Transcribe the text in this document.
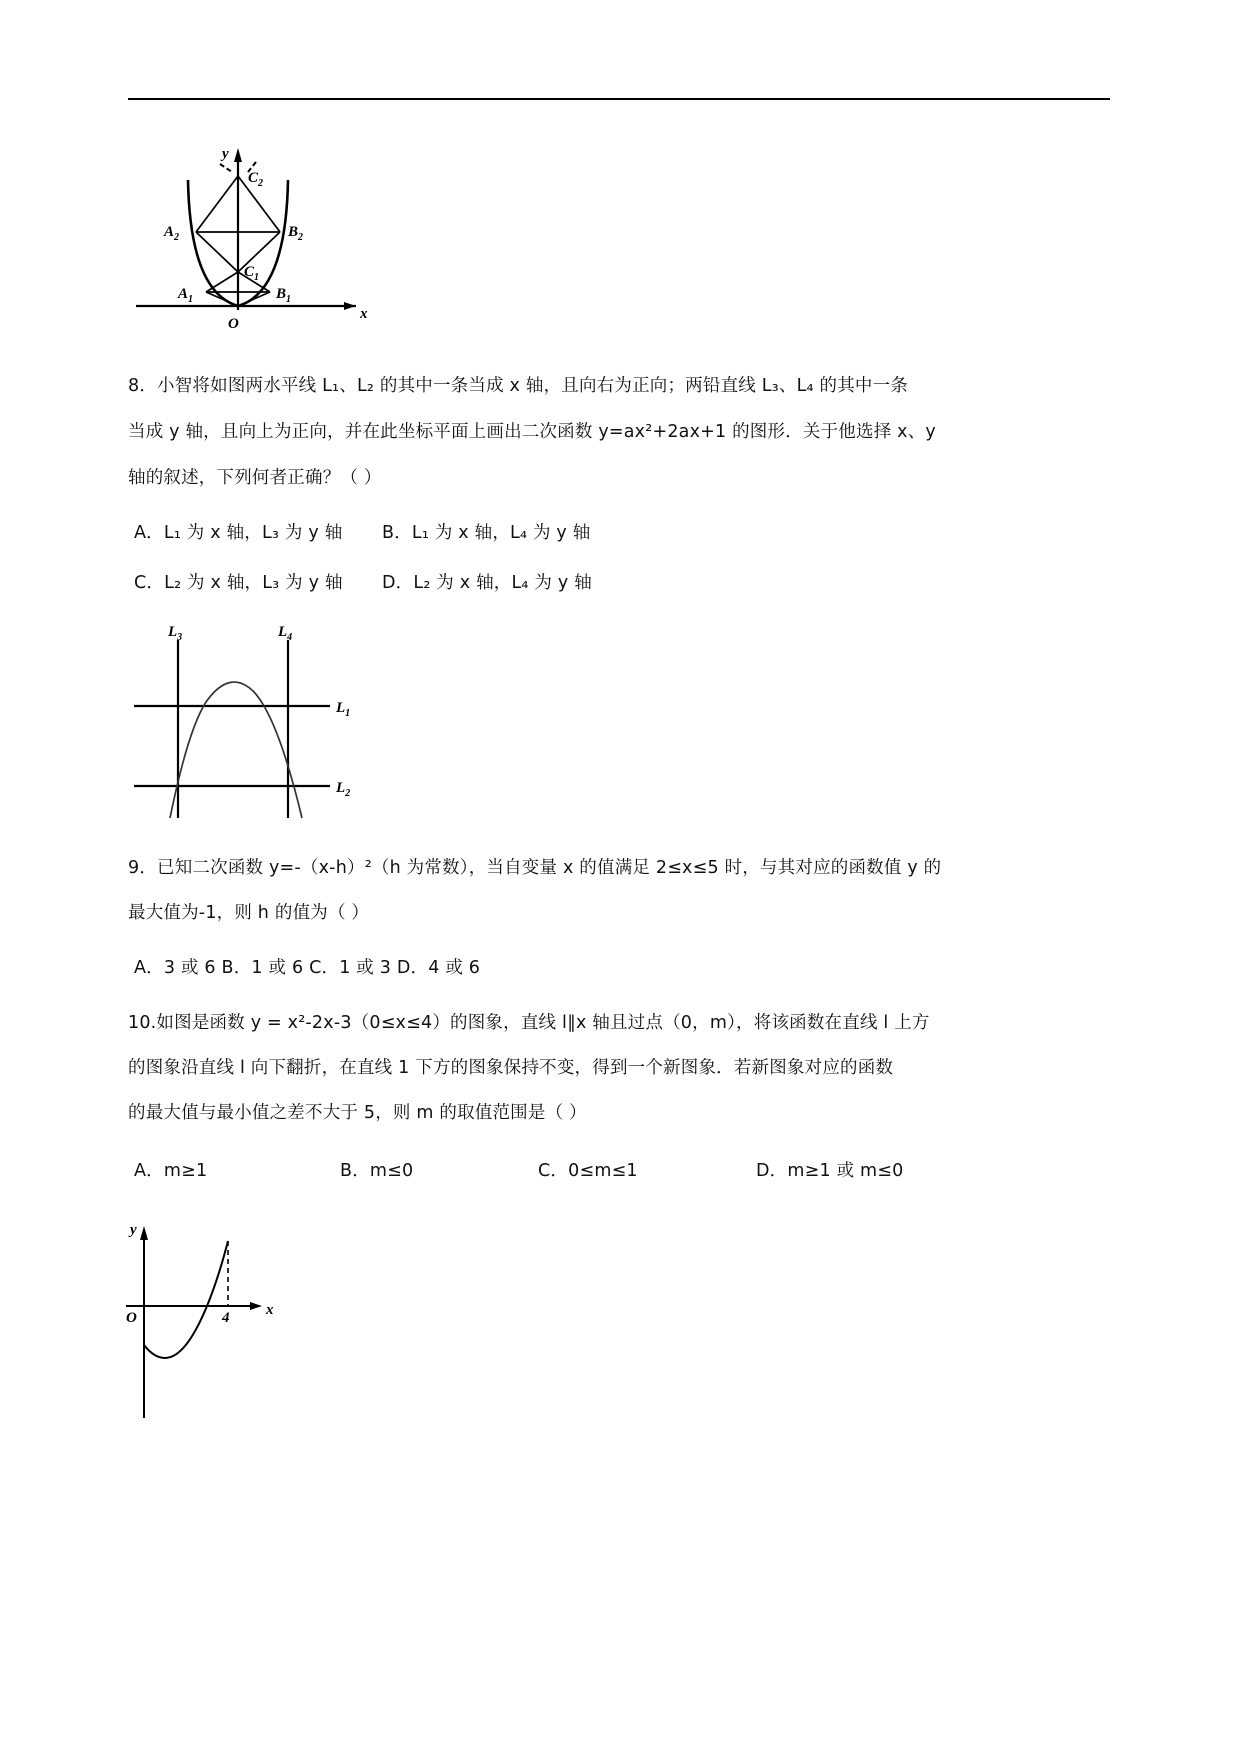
y
x
O
$A_1$	$B_1$
$C_1$
$A_2$	$B_2$
$C_2$
8．小智将如图两水平线 L₁、L₂ 的其中一条当成 x 轴，且向右为正向；两铅直线 L₃、L₄ 的其中一条
当成 y 轴，且向上为正向，并在此坐标平面上画出二次函数 y=ax²+2ax+1 的图形．关于他选择 x、y
轴的叙述，下列何者正确？（ ）
A．L₁ 为 x 轴，L₃ 为 y 轴 B．L₁ 为 x 轴，L₄ 为 y 轴
C．L₂ 为 x 轴，L₃ 为 y 轴 D．L₂ 为 x 轴，L₄ 为 y 轴
$L_3$	$L_4$
$L_1$
$L_2$
9．已知二次函数 y=-（x-h）²（h 为常数），当自变量 x 的值满足 2≤x≤5 时，与其对应的函数值 y 的
最大值为-1，则 h 的值为（ ）
A．3 或 6 B．1 或 6 C．1 或 3 D．4 或 6
10.如图是函数 y = x²-2x-3（0≤x≤4）的图象，直线 l∥x 轴且过点（0，m），将该函数在直线 l 上方
的图象沿直线 l 向下翻折，在直线 1 下方的图象保持不变，得到一个新图象．若新图象对应的函数
的最大值与最小值之差不大于 5，则 m 的取值范围是（ ）
A．m≥1	B．m≤0	C．0≤m≤1	D．m≥1 或 m≤0
y
x
O	4
